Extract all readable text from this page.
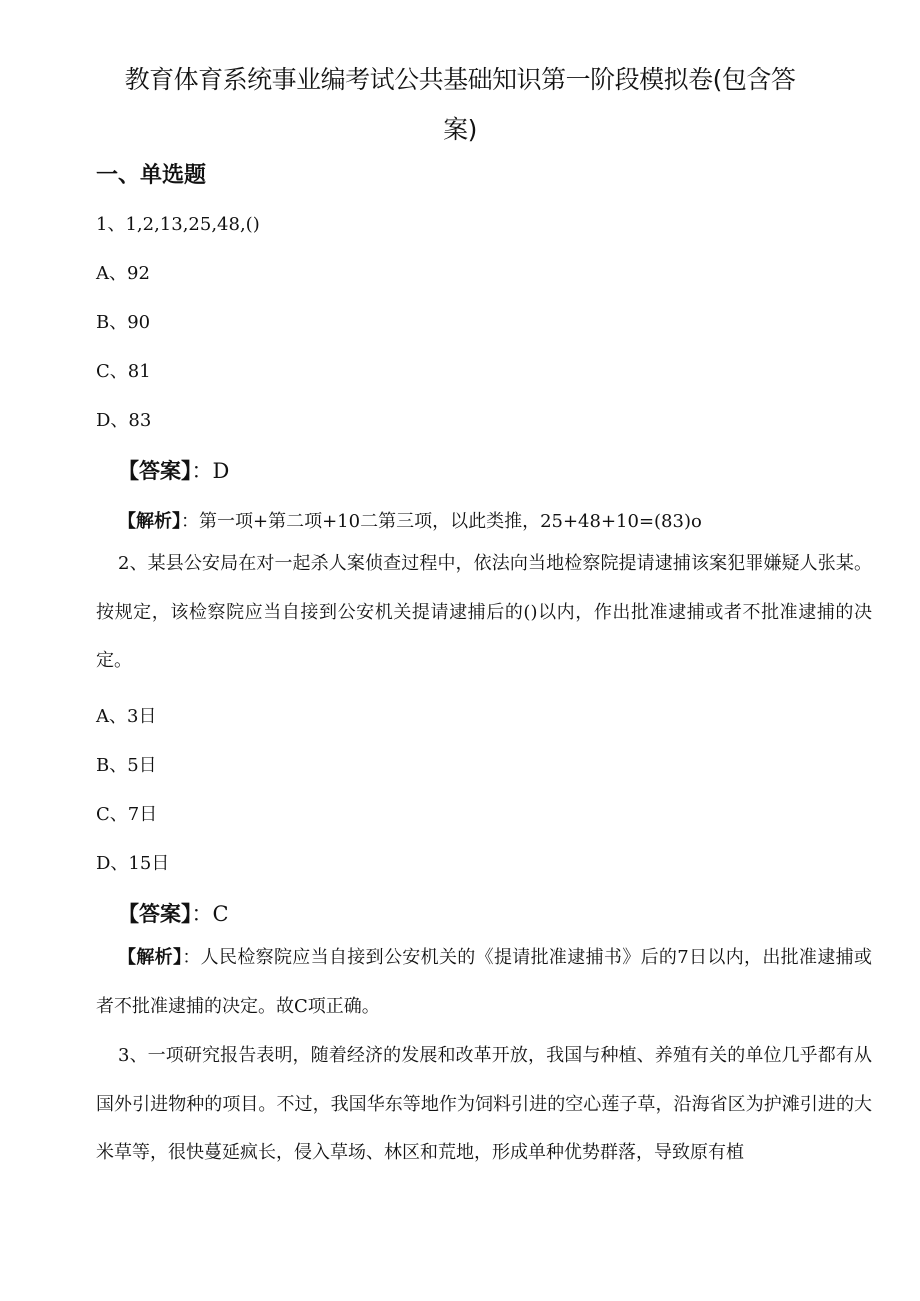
教育体育系统事业编考试公共基础知识第一阶段模拟卷(包含答
案)
一、单选题
1、1,2,13,25,48,()
A、92
B、90
C、81
D、83
【答案】：D
【解析】：第一项+第二项+10二第三项，以此类推，25+48+10=(83)o
2、某县公安局在对一起杀人案侦查过程中，依法向当地检察院提请逮捕该案犯罪嫌疑人张某。按规定，该检察院应当自接到公安机关提请逮捕后的()以内，作出批准逮捕或者不批准逮捕的决定。
A、3日
B、5日
C、7日
D、15日
【答案】：C
【解析】：人民检察院应当自接到公安机关的《提请批准逮捕书》后的7日以内，出批准逮捕或者不批准逮捕的决定。故C项正确。
3、一项研究报告表明，随着经济的发展和改革开放，我国与种植、养殖有关的单位几乎都有从国外引进物种的项目。不过，我国华东等地作为饲料引进的空心莲子草，沿海省区为护滩引进的大米草等，很快蔓延疯长，侵入草场、林区和荒地，形成单种优势群落，导致原有植
